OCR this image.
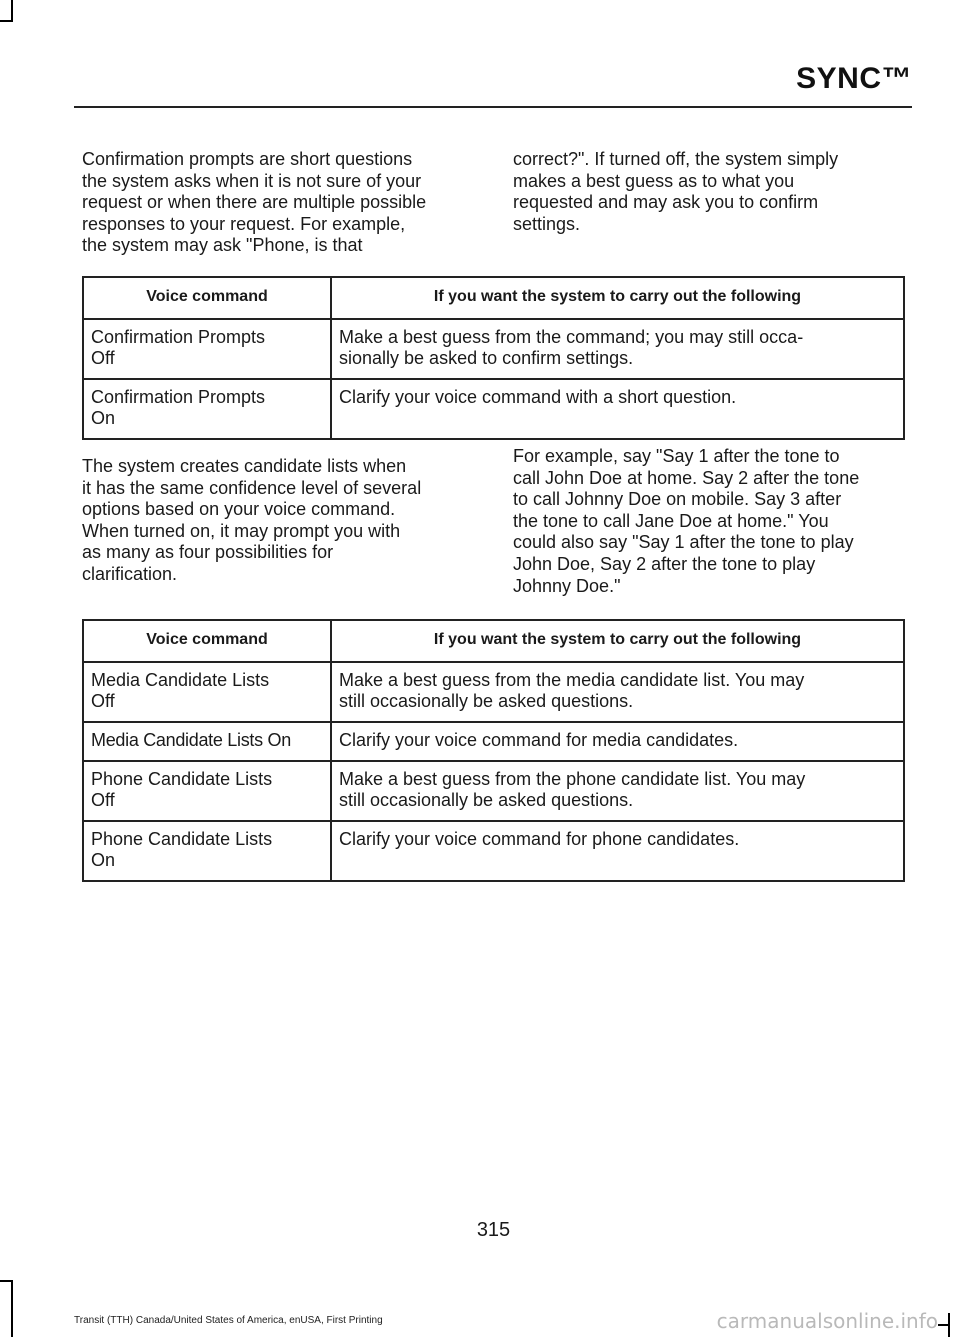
SYNC™

Confirmation prompts are short questions
the system asks when it is not sure of your
request or when there are multiple possible
responses to your request. For example,
the system may ask "Phone, is that

correct?". If turned off, the system simply
makes a best guess as to what you
requested and may ask you to confirm
settings.

Voice command	If you want the system to carry out the following
Confirmation Prompts
Off	Make a best guess from the command; you may still occa-
sionally be asked to confirm settings.
Confirmation Prompts
On	Clarify your voice command with a short question.

The system creates candidate lists when
it has the same confidence level of several
options based on your voice command.
When turned on, it may prompt you with
as many as four possibilities for
clarification.

For example, say "Say 1 after the tone to
call John Doe at home. Say 2 after the tone
to call Johnny Doe on mobile. Say 3 after
the tone to call Jane Doe at home." You
could also say "Say 1 after the tone to play
John Doe, Say 2 after the tone to play
Johnny Doe."

Voice command	If you want the system to carry out the following
Media Candidate Lists
Off	Make a best guess from the media candidate list. You may
still occasionally be asked questions.
Media Candidate Lists On	Clarify your voice command for media candidates.
Phone Candidate Lists
Off	Make a best guess from the phone candidate list. You may
still occasionally be asked questions.
Phone Candidate Lists
On	Clarify your voice command for phone candidates.
315
Transit (TTH) Canada/United States of America, enUSA, First Printing	carmanualsonline.info
